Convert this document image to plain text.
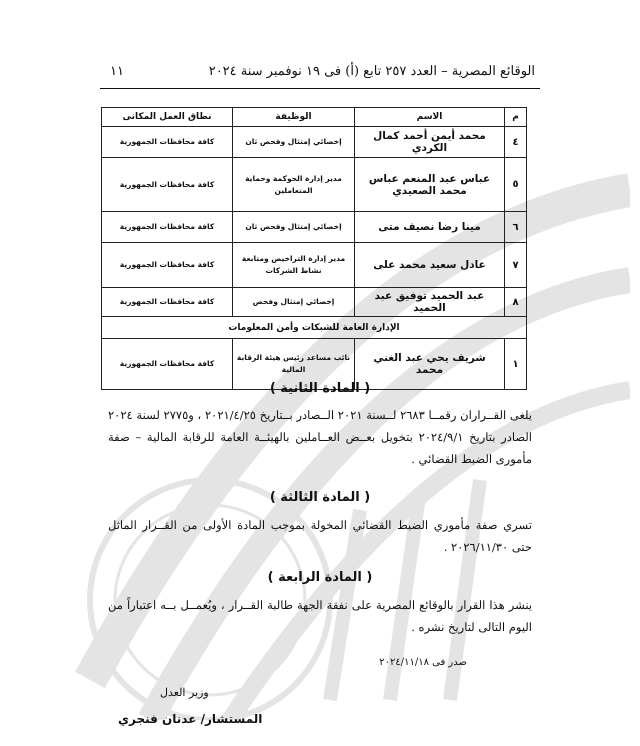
الوقائع المصرية – العدد ٢٥٧ تابع (أ) فى ١٩ نوفمبر سنة ٢٠٢٤
١١
م	الاسم	الوظيفة	نطاق العمل المكانى
٤	محمد أيمن أحمد كمال الكردي	إخصائي إمتثال وفحص ثان	كافة محافظات الجمهورية
٥	عباس عبد المنعم عباس محمد الصعيدي	مدير إدارة الحوكمة وحماية المتعاملين	كافة محافظات الجمهورية
٦	مينا رضا نصيف متى	إخصائي إمتثال وفحص ثان	كافة محافظات الجمهورية
٧	عادل سعيد محمد على	مدير إدارة التراخيص ومتابعة نشاط الشركات	كافة محافظات الجمهورية
٨	عبد الحميد توفيق عبد الحميد	إخصائي إمتثال وفحص	كافة محافظات الجمهورية
الإدارة العامة للشبكات وأمن المعلومات			
١	شريف يحي عبد الغني محمد	نائب مساعد رئيس هيئة الرقابة المالية	كافة محافظات الجمهورية
( المادة الثانية )
يلغى القــراران رقمــا ٢٦٨٣ لــسنة ٢٠٢١ الــصادر بــتاريخ ٢٠٢١/٤/٢٥ ، و٢٧٧٥ لسنة ٢٠٢٤ الصادر بتاريخ ٢٠٢٤/٩/١ بتخويل بعــض العــاملين بالهيئــة العامة للرقابة المالية – صفة مأمورى الضبط القضائي .
( المادة الثالثة )
تسري صفة مأموري الضبط القضائي المخولة بموجب المادة الأولى من القــرار الماثل حتى ٢٠٢٦/١١/٣٠ .
( المادة الرابعة )
ينشر هذا القرار بالوقائع المصرية على نفقة الجهة طالبة القــرار ، ويُعمــل بــه اعتباراً من اليوم التالى لتاريخ نشره .
صدر فى ٢٠٢٤/١١/١٨
وزير العدل
المستشار/ عدنان فنجري
